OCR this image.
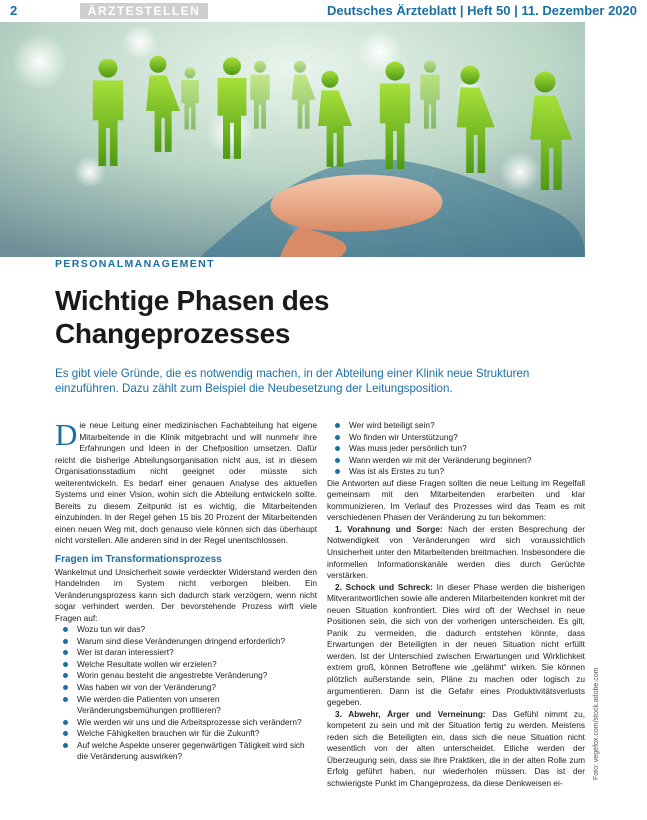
2	ÄRZTESTELLEN	Deutsches Ärzteblatt | Heft 50 | 11. Dezember 2020
Foto: vegefox.com/stock.adobe.com
PERSONALMANAGEMENT
Wichtige Phasen des Changeprozesses
Es gibt viele Gründe, die es notwendig machen, in der Abteilung einer Klinik neue Strukturen einzuführen. Dazu zählt zum Beispiel die Neubesetzung der Leitungsposition.

Die neue Leitung einer medizinischen Fachabteilung hat eigene Mitarbeitende in die Klinik mitgebracht und will nunmehr ihre Erfahrungen und Ideen in der Chefposition umsetzen. Dafür reicht die bisherige Abteilungsorganisation nicht aus, ist in diesem Organisationsstadium nicht geeignet oder müsste sich weiterentwickeln. Es bedarf einer genauen Analyse des aktuellen Systems und einer Vision, wohin sich die Abteilung entwickeln sollte. Bereits zu diesem Zeitpunkt ist es wichtig, die Mitarbeitenden einzubinden. In der Regel gehen 15 bis 20 Prozent der Mitarbeitenden einen neuen Weg mit, doch genauso viele können sich das überhaupt nicht vorstellen. Alle anderen sind in der Regel unentschlossen.

Fragen im Transformationsprozess

Wankelmut und Unsicherheit sowie verdeckter Widerstand werden den Handelnden im System nicht verborgen bleiben. Ein Veränderungsprozess kann sich dadurch stark verzögern, wenn nicht sogar verhindert werden. Der bevorstehende Prozess wirft viele Fragen auf:

Wozu tun wir das?
Warum sind diese Veränderungen dringend erforderlich?
Wer ist daran interessiert?
Welche Resultate wollen wir erzielen?
Worin genau besteht die angestrebte Veränderung?
Was haben wir von der Veränderung?
Wie werden die Patienten von unseren Veränderungsbemühungen profitieren?
Wie werden wir uns und die Arbeitsprozesse sich verändern?
Welche Fähigkeiten brauchen wir für die Zukunft?
Auf welche Aspekte unserer gegenwärtigen Tätigkeit wird sich die Veränderung auswirken?
Wer wird beteiligt sein?
Wo finden wir Unterstützung?
Was muss jeder persönlich tun?
Wann werden wir mit der Veränderung beginnen?
Was ist als Erstes zu tun?

Die Antworten auf diese Fragen sollten die neue Leitung im Regelfall gemeinsam mit den Mitarbeitenden erarbeiten und klar kommunizieren. Im Verlauf des Prozesses wird das Team es mit verschiedenen Phasen der Veränderung zu tun bekommen:

1. Vorahnung und Sorge: Nach der ersten Besprechung der Notwendigkeit von Veränderungen wird sich voraussichtlich Unsicherheit unter den Mitarbeitenden breitmachen. Insbesondere die informellen Informationskanäle werden dies durch Gerüchte verstärken.

2. Schock und Schreck: In dieser Phase werden die bisherigen Mitverantwortlichen sowie alle anderen Mitarbeitenden konkret mit der neuen Situation konfrontiert. Dies wird oft der Wechsel in neue Positionen sein, die sich von der vorherigen unterscheiden. Es gilt, Panik zu vermeiden, die dadurch entstehen könnte, dass Erwartungen der Beteiligten in der neuen Situation nicht erfüllt werden. Ist der Unterschied zwischen Erwartungen und Wirklichkeit extrem groß, können Betroffene wie „gelähmt“ wirken. Sie können plötzlich außerstande sein, Pläne zu machen oder logisch zu argumentieren. Dann ist die Gefahr eines Produktivitätsverlusts gegeben.

3. Abwehr, Ärger und Verneinung: Das Gefühl nimmt zu, kompetent zu sein und mit der Situation fertig zu werden. Meistens reden sich die Beteiligten ein, dass sich die neue Situation nicht wesentlich von der alten unterscheidet. Etliche werden der Überzeugung sein, dass sie ihre Praktiken, die in der alten Rolle zum Erfolg geführt haben, nur wiederholen müssen. Das ist der schwierigste Punkt im Changeprozess, da diese Denkweisen ei-
